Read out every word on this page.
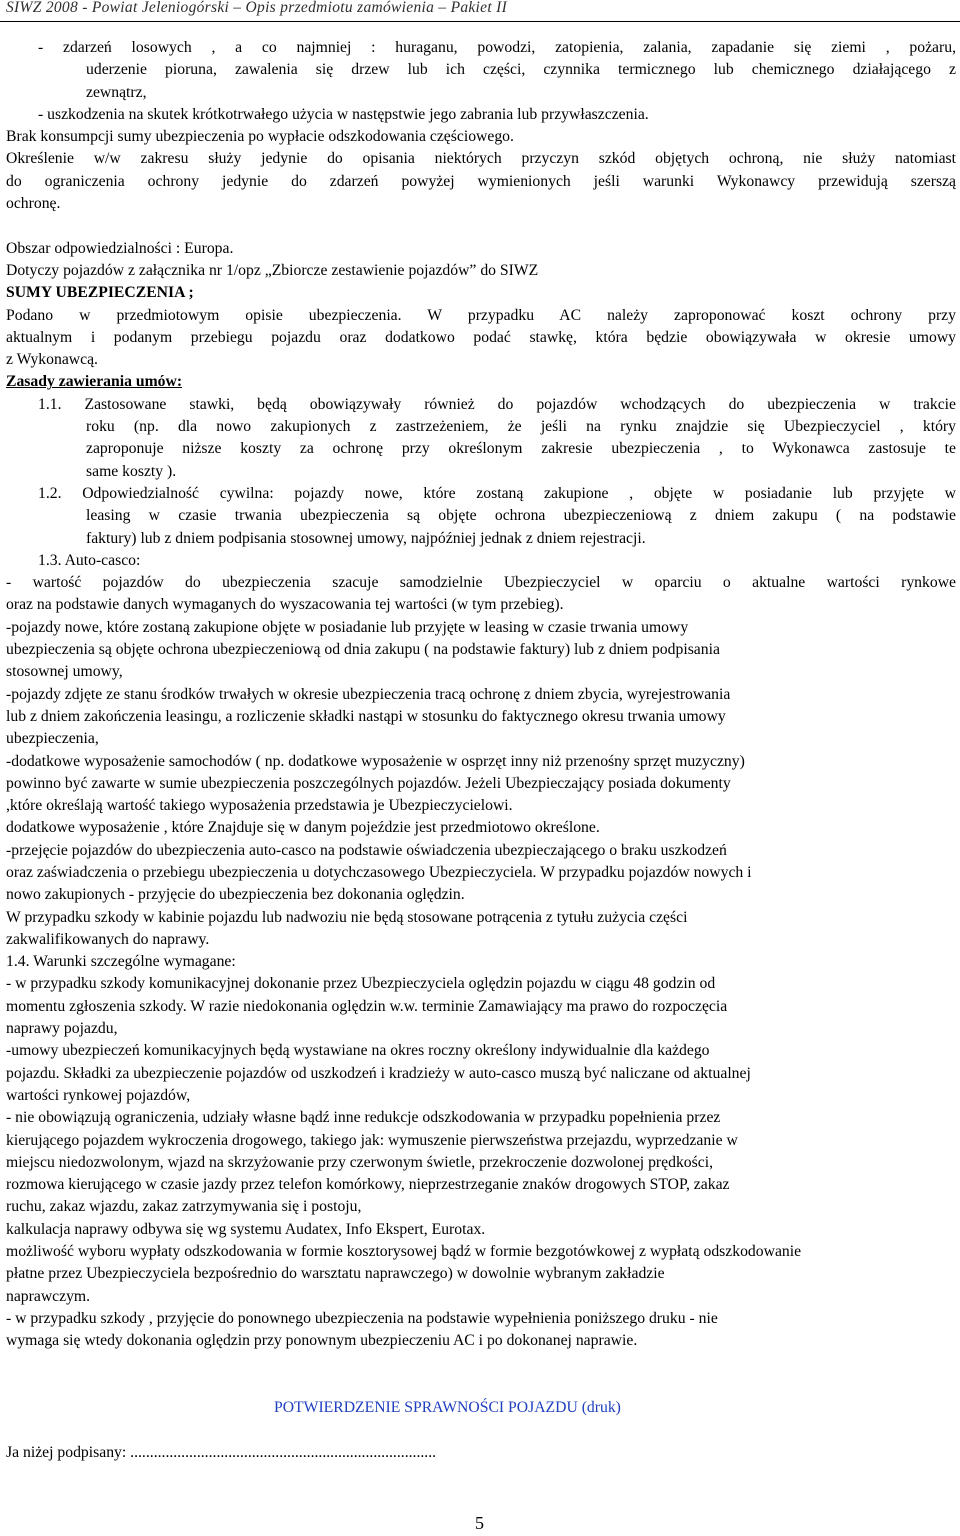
SIWZ 2008 - Powiat Jeleniogórski – Opis przedmiotu zamówienia – Pakiet II
- zdarzeń losowych , a co najmniej : huraganu, powodzi, zatopienia, zalania, zapadanie się ziemi , pożaru,
uderzenie pioruna, zawalenia się drzew lub ich części, czynnika termicznego lub chemicznego działającego z
zewnątrz,
- uszkodzenia na skutek krótkotrwałego użycia w następstwie jego zabrania lub przywłaszczenia.
Brak konsumpcji sumy ubezpieczenia po wypłacie odszkodowania częściowego.
Określenie w/w zakresu służy jedynie do opisania niektórych przyczyn szkód objętych ochroną, nie służy natomiast
do ograniczenia ochrony jedynie do zdarzeń powyżej wymienionych jeśli warunki Wykonawcy przewidują szerszą
ochronę.
Obszar odpowiedzialności : Europa.
Dotyczy pojazdów z załącznika nr 1/opz „Zbiorcze zestawienie pojazdów” do SIWZ
SUMY UBEZPIECZENIA ;
Podano w przedmiotowym opisie ubezpieczenia. W przypadku AC należy zaproponować koszt ochrony przy
aktualnym i podanym przebiegu pojazdu oraz dodatkowo podać stawkę, która będzie obowiązywała w okresie umowy
z Wykonawcą.
Zasady zawierania umów:
1.1. Zastosowane stawki, będą obowiązywały również do pojazdów wchodzących do ubezpieczenia w trakcie
roku (np. dla nowo zakupionych z zastrzeżeniem, że jeśli na rynku znajdzie się Ubezpieczyciel , który
zaproponuje niższe koszty za ochronę przy określonym zakresie ubezpieczenia , to Wykonawca zastosuje te
same koszty ).
1.2. Odpowiedzialność cywilna: pojazdy nowe, które zostaną zakupione , objęte w posiadanie lub przyjęte w
leasing w czasie trwania ubezpieczenia są objęte ochrona ubezpieczeniową z dniem zakupu ( na podstawie
faktury) lub z dniem podpisania stosownej umowy, najpóźniej jednak z dniem rejestracji.
1.3. Auto-casco:
- wartość pojazdów do ubezpieczenia szacuje samodzielnie Ubezpieczyciel w oparciu o aktualne wartości rynkowe
oraz na podstawie danych wymaganych do wyszacowania tej wartości (w tym przebieg).
-pojazdy nowe, które zostaną zakupione objęte w posiadanie lub przyjęte w leasing w czasie trwania umowy
ubezpieczenia są objęte ochrona ubezpieczeniową od dnia zakupu ( na podstawie faktury) lub z dniem podpisania
stosownej umowy,
-pojazdy zdjęte ze stanu środków trwałych w okresie ubezpieczenia tracą ochronę z dniem zbycia, wyrejestrowania
lub z dniem zakończenia leasingu, a rozliczenie składki nastąpi w stosunku do faktycznego okresu trwania umowy
ubezpieczenia,
-dodatkowe wyposażenie samochodów ( np. dodatkowe wyposażenie w osprzęt inny niż przenośny sprzęt muzyczny)
powinno być zawarte w sumie ubezpieczenia poszczególnych pojazdów. Jeżeli Ubezpieczający posiada dokumenty
,które określają wartość takiego wyposażenia przedstawia je Ubezpieczycielowi.
dodatkowe wyposażenie , które Znajduje się w danym pojeździe jest przedmiotowo określone.
-przejęcie pojazdów do ubezpieczenia auto-casco na podstawie oświadczenia ubezpieczającego o braku uszkodzeń
oraz zaświadczenia o przebiegu ubezpieczenia u dotychczasowego Ubezpieczyciela. W przypadku pojazdów nowych i
nowo zakupionych - przyjęcie do ubezpieczenia bez dokonania oględzin.
W przypadku szkody w kabinie pojazdu lub nadwoziu nie będą stosowane potrącenia z tytułu zużycia części
zakwalifikowanych do naprawy.
1.4. Warunki szczególne wymagane:
- w przypadku szkody komunikacyjnej dokonanie przez Ubezpieczyciela oględzin pojazdu w ciągu 48 godzin od
momentu zgłoszenia szkody. W razie niedokonania oględzin w.w. terminie Zamawiający ma prawo do rozpoczęcia
naprawy pojazdu,
-umowy ubezpieczeń komunikacyjnych będą wystawiane na okres roczny określony indywidualnie dla każdego
pojazdu. Składki za ubezpieczenie pojazdów od uszkodzeń i kradzieży w auto-casco muszą być naliczane od aktualnej
wartości rynkowej pojazdów,
- nie obowiązują ograniczenia, udziały własne bądź inne redukcje odszkodowania w przypadku popełnienia przez
kierującego pojazdem wykroczenia drogowego, takiego jak: wymuszenie pierwszeństwa przejazdu, wyprzedzanie w
miejscu niedozwolonym, wjazd na skrzyżowanie przy czerwonym świetle, przekroczenie dozwolonej prędkości,
rozmowa kierującego w czasie jazdy przez telefon komórkowy, nieprzestrzeganie znaków drogowych STOP, zakaz
ruchu, zakaz wjazdu, zakaz zatrzymywania się i postoju,
kalkulacja naprawy odbywa się wg systemu Audatex, Info Ekspert, Eurotax.
możliwość wyboru wypłaty odszkodowania w formie kosztorysowej bądź w formie bezgotówkowej z wypłatą odszkodowanie
płatne przez Ubezpieczyciela bezpośrednio do warsztatu naprawczego) w dowolnie wybranym zakładzie
naprawczym.
- w przypadku szkody , przyjęcie do ponownego ubezpieczenia na podstawie wypełnienia poniższego druku - nie
wymaga się wtedy dokonania oględzin przy ponownym ubezpieczeniu AC i po dokonanej naprawie.
POTWIERDZENIE SPRAWNOŚCI POJAZDU (druk)
Ja niżej podpisany: ..............................................................................
5
